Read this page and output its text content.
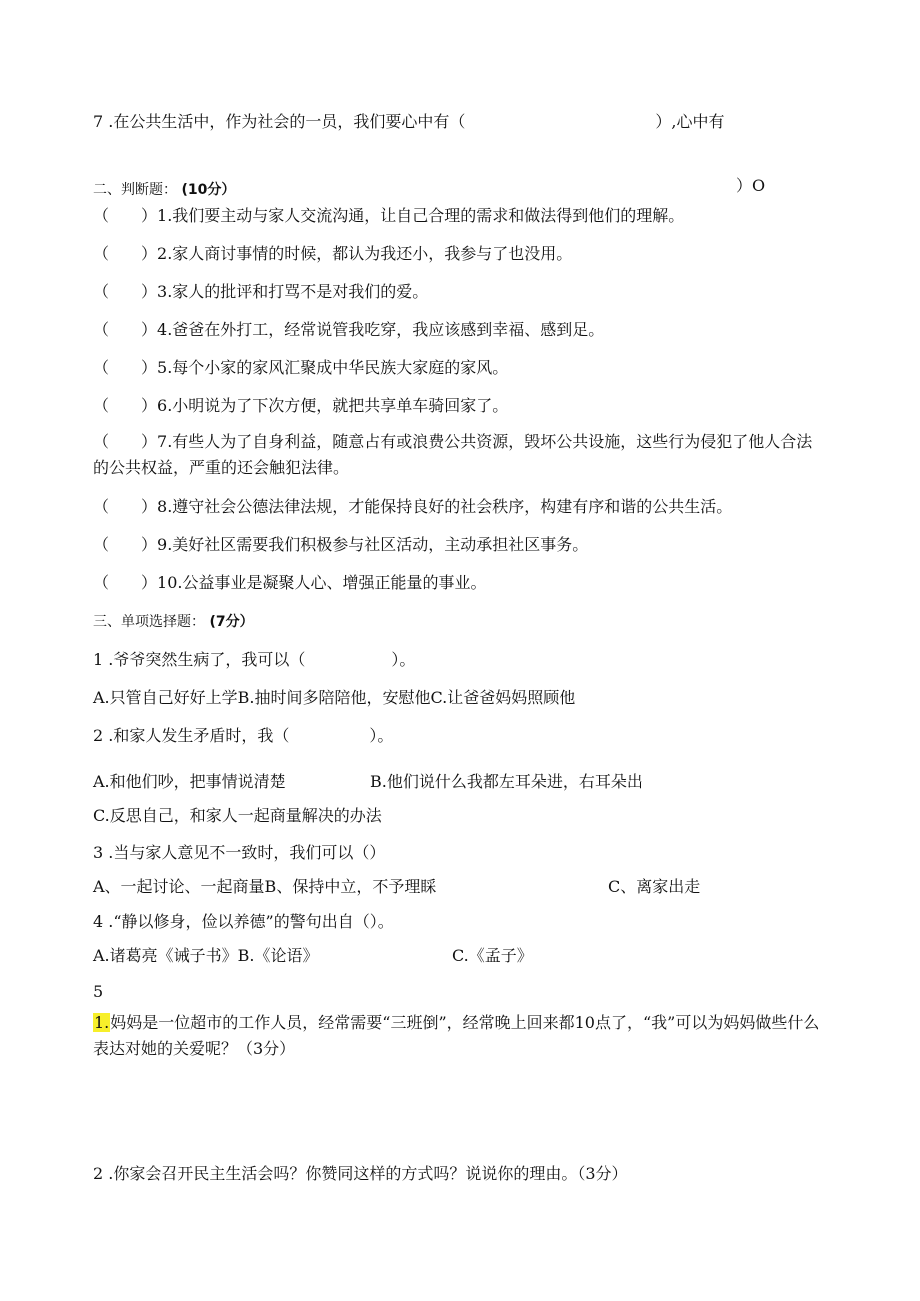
7 .在公共生活中，作为社会的一员，我们要心中有（	）,心中有
）O
二、判断题： (10分）
（　　）1.我们要主动与家人交流沟通，让自己合理的需求和做法得到他们的理解。
（　　）2.家人商讨事情的时候，都认为我还小，我参与了也没用。
（　　）3.家人的批评和打骂不是对我们的爱。
（　　）4.爸爸在外打工，经常说管我吃穿，我应该感到幸福、感到足。
（　　）5.每个小家的家风汇聚成中华民族大家庭的家风。
（　　）6.小明说为了下次方便，就把共享单车骑回家了。
（　　）7.有些人为了自身利益，随意占有或浪费公共资源，毁坏公共设施，这些行为侵犯了他人合法的公共权益，严重的还会触犯法律。
（　　）8.遵守社会公德法律法规，才能保持良好的社会秩序，构建有序和谐的公共生活。
（　　）9.美好社区需要我们积极参与社区活动，主动承担社区事务。
（　　）10.公益事业是凝聚人心、增强正能量的事业。
三、单项选择题： (7分）
1 .爷爷突然生病了，我可以（	）。
A.只管自己好好上学B.抽时间多陪陪他，安慰他C.让爸爸妈妈照顾他
2 .和家人发生矛盾时，我（	）。
A.和他们吵，把事情说清楚	B.他们说什么我都左耳朵进，右耳朵出
C.反思自己，和家人一起商量解决的办法
3 .当与家人意见不一致时，我们可以（）
A、一起讨论、一起商量B、保持中立，不予理睬	C、离家出走
4 .“静以修身，俭以养德”的警句出自（）。
A.诸葛亮《诫子书》B.《论语》	C.《孟子》
5
1.妈妈是一位超市的工作人员，经常需要“三班倒”，经常晚上回来都10点了，“我”可以为妈妈做些什么表达对她的关爱呢？（3分）
2 .你家会召开民主生活会吗？你赞同这样的方式吗？说说你的理由。（3分）
